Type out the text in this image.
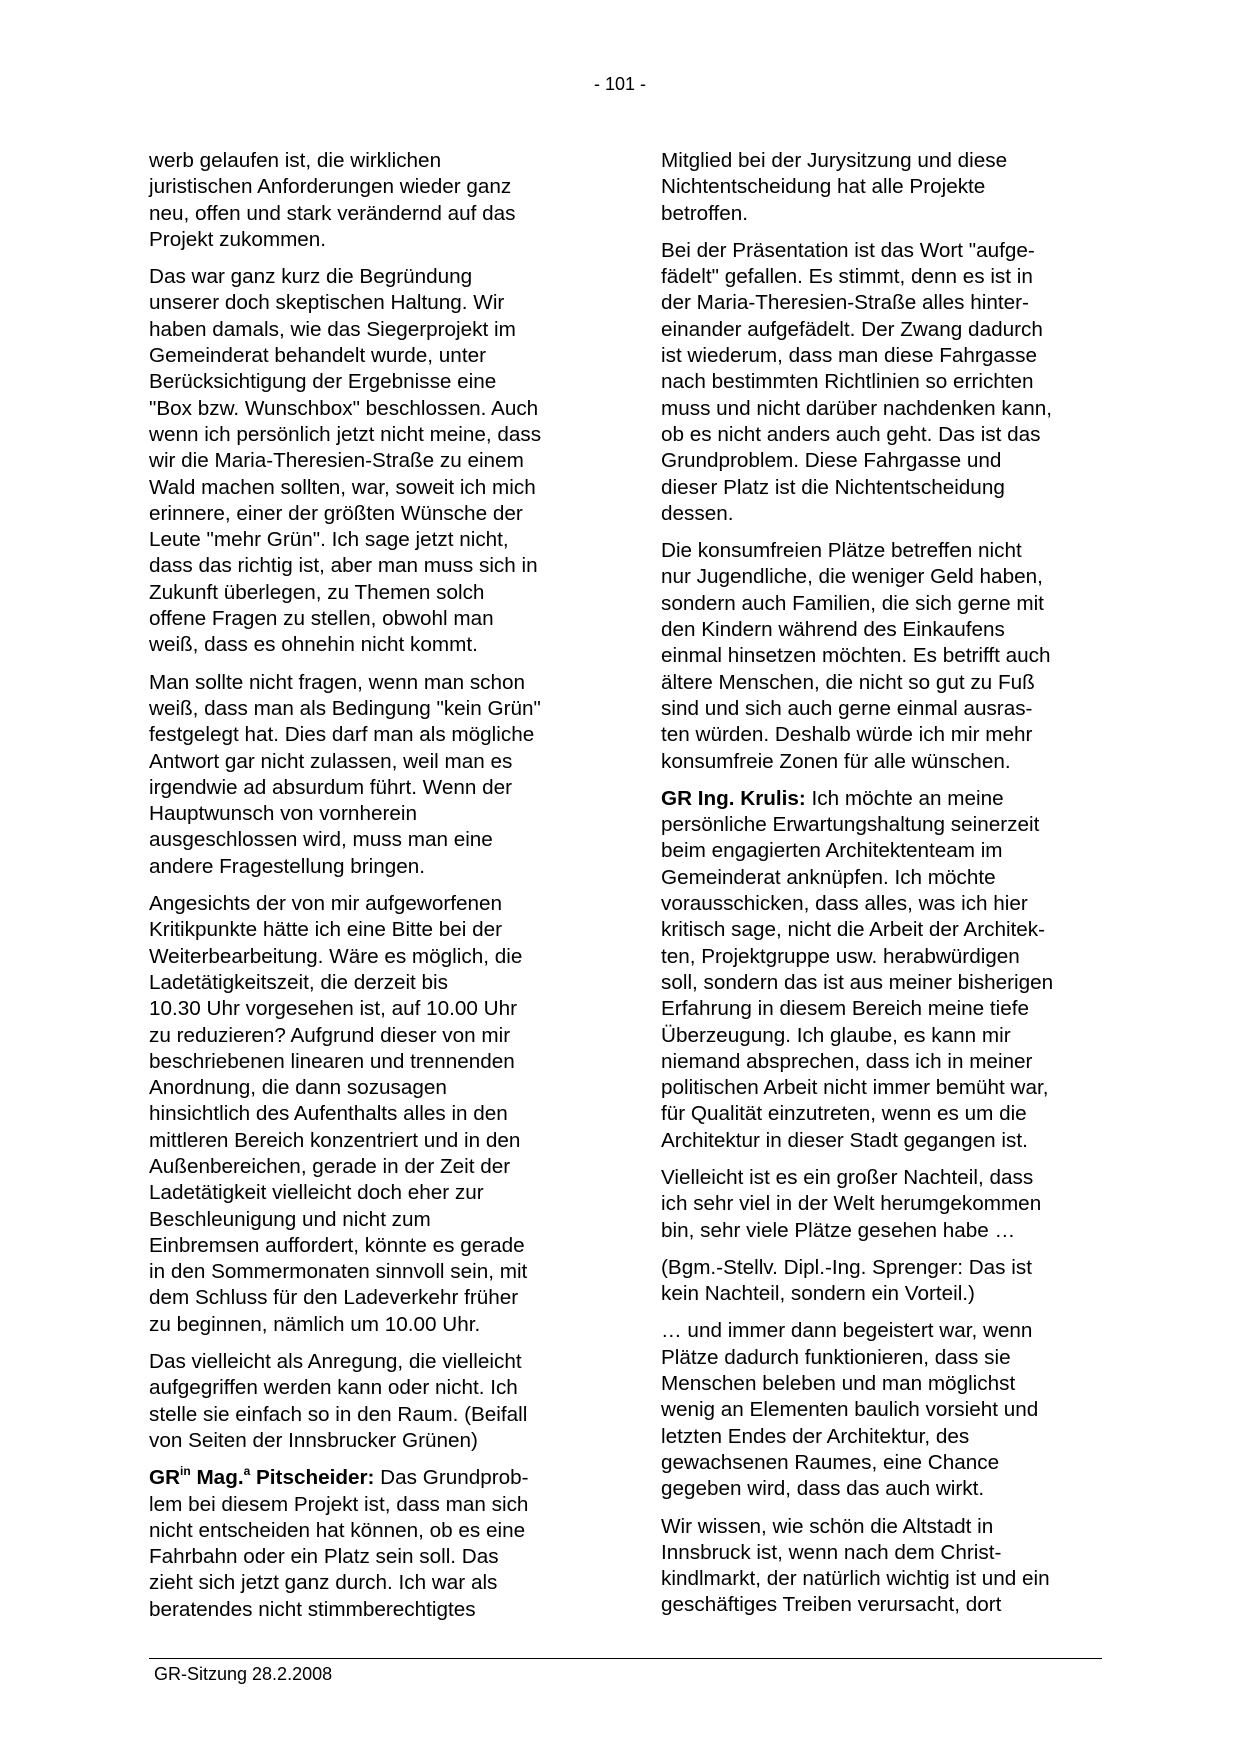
- 101 -

werb gelaufen ist, die wirklichen
juristischen Anforderungen wieder ganz
neu, offen und stark verändernd auf das
Projekt zukommen.

Das war ganz kurz die Begründung
unserer doch skeptischen Haltung. Wir
haben damals, wie das Siegerprojekt im
Gemeinderat behandelt wurde, unter
Berücksichtigung der Ergebnisse eine
"Box bzw. Wunschbox" beschlossen. Auch
wenn ich persönlich jetzt nicht meine, dass
wir die Maria-Theresien-Straße zu einem
Wald machen sollten, war, soweit ich mich
erinnere, einer der größten Wünsche der
Leute "mehr Grün". Ich sage jetzt nicht,
dass das richtig ist, aber man muss sich in
Zukunft überlegen, zu Themen solch
offene Fragen zu stellen, obwohl man
weiß, dass es ohnehin nicht kommt.

Man sollte nicht fragen, wenn man schon
weiß, dass man als Bedingung "kein Grün"
festgelegt hat. Dies darf man als mögliche
Antwort gar nicht zulassen, weil man es
irgendwie ad absurdum führt. Wenn der
Hauptwunsch von vornherein
ausgeschlossen wird, muss man eine
andere Fragestellung bringen.

Angesichts der von mir aufgeworfenen
Kritikpunkte hätte ich eine Bitte bei der
Weiterbearbeitung. Wäre es möglich, die
Ladetätigkeitszeit, die derzeit bis
10.30 Uhr vorgesehen ist, auf 10.00 Uhr
zu reduzieren? Aufgrund dieser von mir
beschriebenen linearen und trennenden
Anordnung, die dann sozusagen
hinsichtlich des Aufenthalts alles in den
mittleren Bereich konzentriert und in den
Außenbereichen, gerade in der Zeit der
Ladetätigkeit vielleicht doch eher zur
Beschleunigung und nicht zum
Einbremsen auffordert, könnte es gerade
in den Sommermonaten sinnvoll sein, mit
dem Schluss für den Ladeverkehr früher
zu beginnen, nämlich um 10.00 Uhr.

Das vielleicht als Anregung, die vielleicht
aufgegriffen werden kann oder nicht. Ich
stelle sie einfach so in den Raum. (Beifall
von Seiten der Innsbrucker Grünen)

$GR^{in}$ Mag.$^a$ Pitscheider: Das Grundprob-
lem bei diesem Projekt ist, dass man sich
nicht entscheiden hat können, ob es eine
Fahrbahn oder ein Platz sein soll. Das
zieht sich jetzt ganz durch. Ich war als
beratendes nicht stimmberechtigtes

Mitglied bei der Jurysitzung und diese
Nichtentscheidung hat alle Projekte
betroffen.

Bei der Präsentation ist das Wort "aufge-
fädelt" gefallen. Es stimmt, denn es ist in
der Maria-Theresien-Straße alles hinter-
einander aufgefädelt. Der Zwang dadurch
ist wiederum, dass man diese Fahrgasse
nach bestimmten Richtlinien so errichten
muss und nicht darüber nachdenken kann,
ob es nicht anders auch geht. Das ist das
Grundproblem. Diese Fahrgasse und
dieser Platz ist die Nichtentscheidung
dessen.

Die konsumfreien Plätze betreffen nicht
nur Jugendliche, die weniger Geld haben,
sondern auch Familien, die sich gerne mit
den Kindern während des Einkaufens
einmal hinsetzen möchten. Es betrifft auch
ältere Menschen, die nicht so gut zu Fuß
sind und sich auch gerne einmal ausras-
ten würden. Deshalb würde ich mir mehr
konsumfreie Zonen für alle wünschen.

GR Ing. Krulis: Ich möchte an meine
persönliche Erwartungshaltung seinerzeit
beim engagierten Architektenteam im
Gemeinderat anknüpfen. Ich möchte
vorausschicken, dass alles, was ich hier
kritisch sage, nicht die Arbeit der Architek-
ten, Projektgruppe usw. herabwürdigen
soll, sondern das ist aus meiner bisherigen
Erfahrung in diesem Bereich meine tiefe
Überzeugung. Ich glaube, es kann mir
niemand absprechen, dass ich in meiner
politischen Arbeit nicht immer bemüht war,
für Qualität einzutreten, wenn es um die
Architektur in dieser Stadt gegangen ist.

Vielleicht ist es ein großer Nachteil, dass
ich sehr viel in der Welt herumgekommen
bin, sehr viele Plätze gesehen habe …

(Bgm.-Stellv. Dipl.-Ing. Sprenger: Das ist
kein Nachteil, sondern ein Vorteil.)

… und immer dann begeistert war, wenn
Plätze dadurch funktionieren, dass sie
Menschen beleben und man möglichst
wenig an Elementen baulich vorsieht und
letzten Endes der Architektur, des
gewachsenen Raumes, eine Chance
gegeben wird, dass das auch wirkt.

Wir wissen, wie schön die Altstadt in
Innsbruck ist, wenn nach dem Christ-
kindlmarkt, der natürlich wichtig ist und ein
geschäftiges Treiben verursacht, dort

GR-Sitzung 28.2.2008
